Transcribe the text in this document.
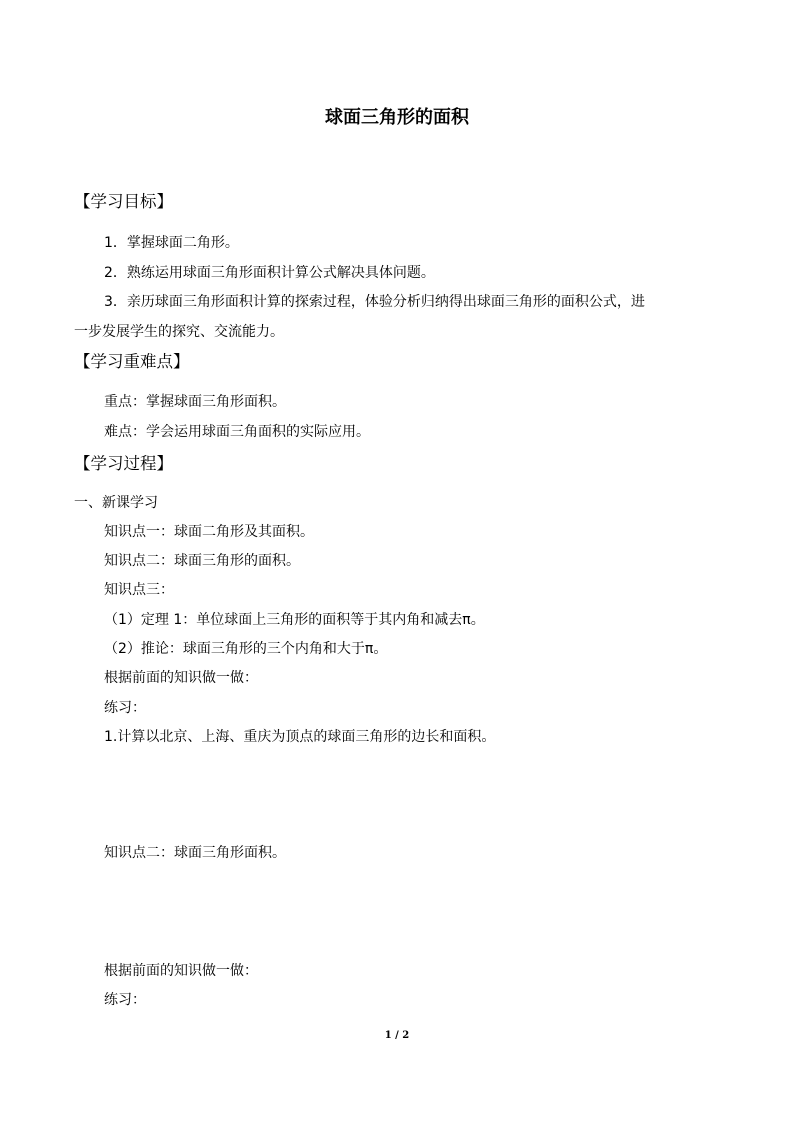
球面三角形的面积
【学习目标】
1．掌握球面二角形。
2．熟练运用球面三角形面积计算公式解决具体问题。
3．亲历球面三角形面积计算的探索过程，体验分析归纳得出球面三角形的面积公式，进
一步发展学生的探究、交流能力。
【学习重难点】
重点：掌握球面三角形面积。
难点：学会运用球面三角面积的实际应用。
【学习过程】
一、新课学习
知识点一：球面二角形及其面积。
知识点二：球面三角形的面积。
知识点三：
（1）定理 1：单位球面上三角形的面积等于其内角和减去π。
（2）推论：球面三角形的三个内角和大于π。
根据前面的知识做一做：
练习：
1.计算以北京、上海、重庆为顶点的球面三角形的边长和面积。
知识点二：球面三角形面积。
根据前面的知识做一做：
练习：
1 / 2
